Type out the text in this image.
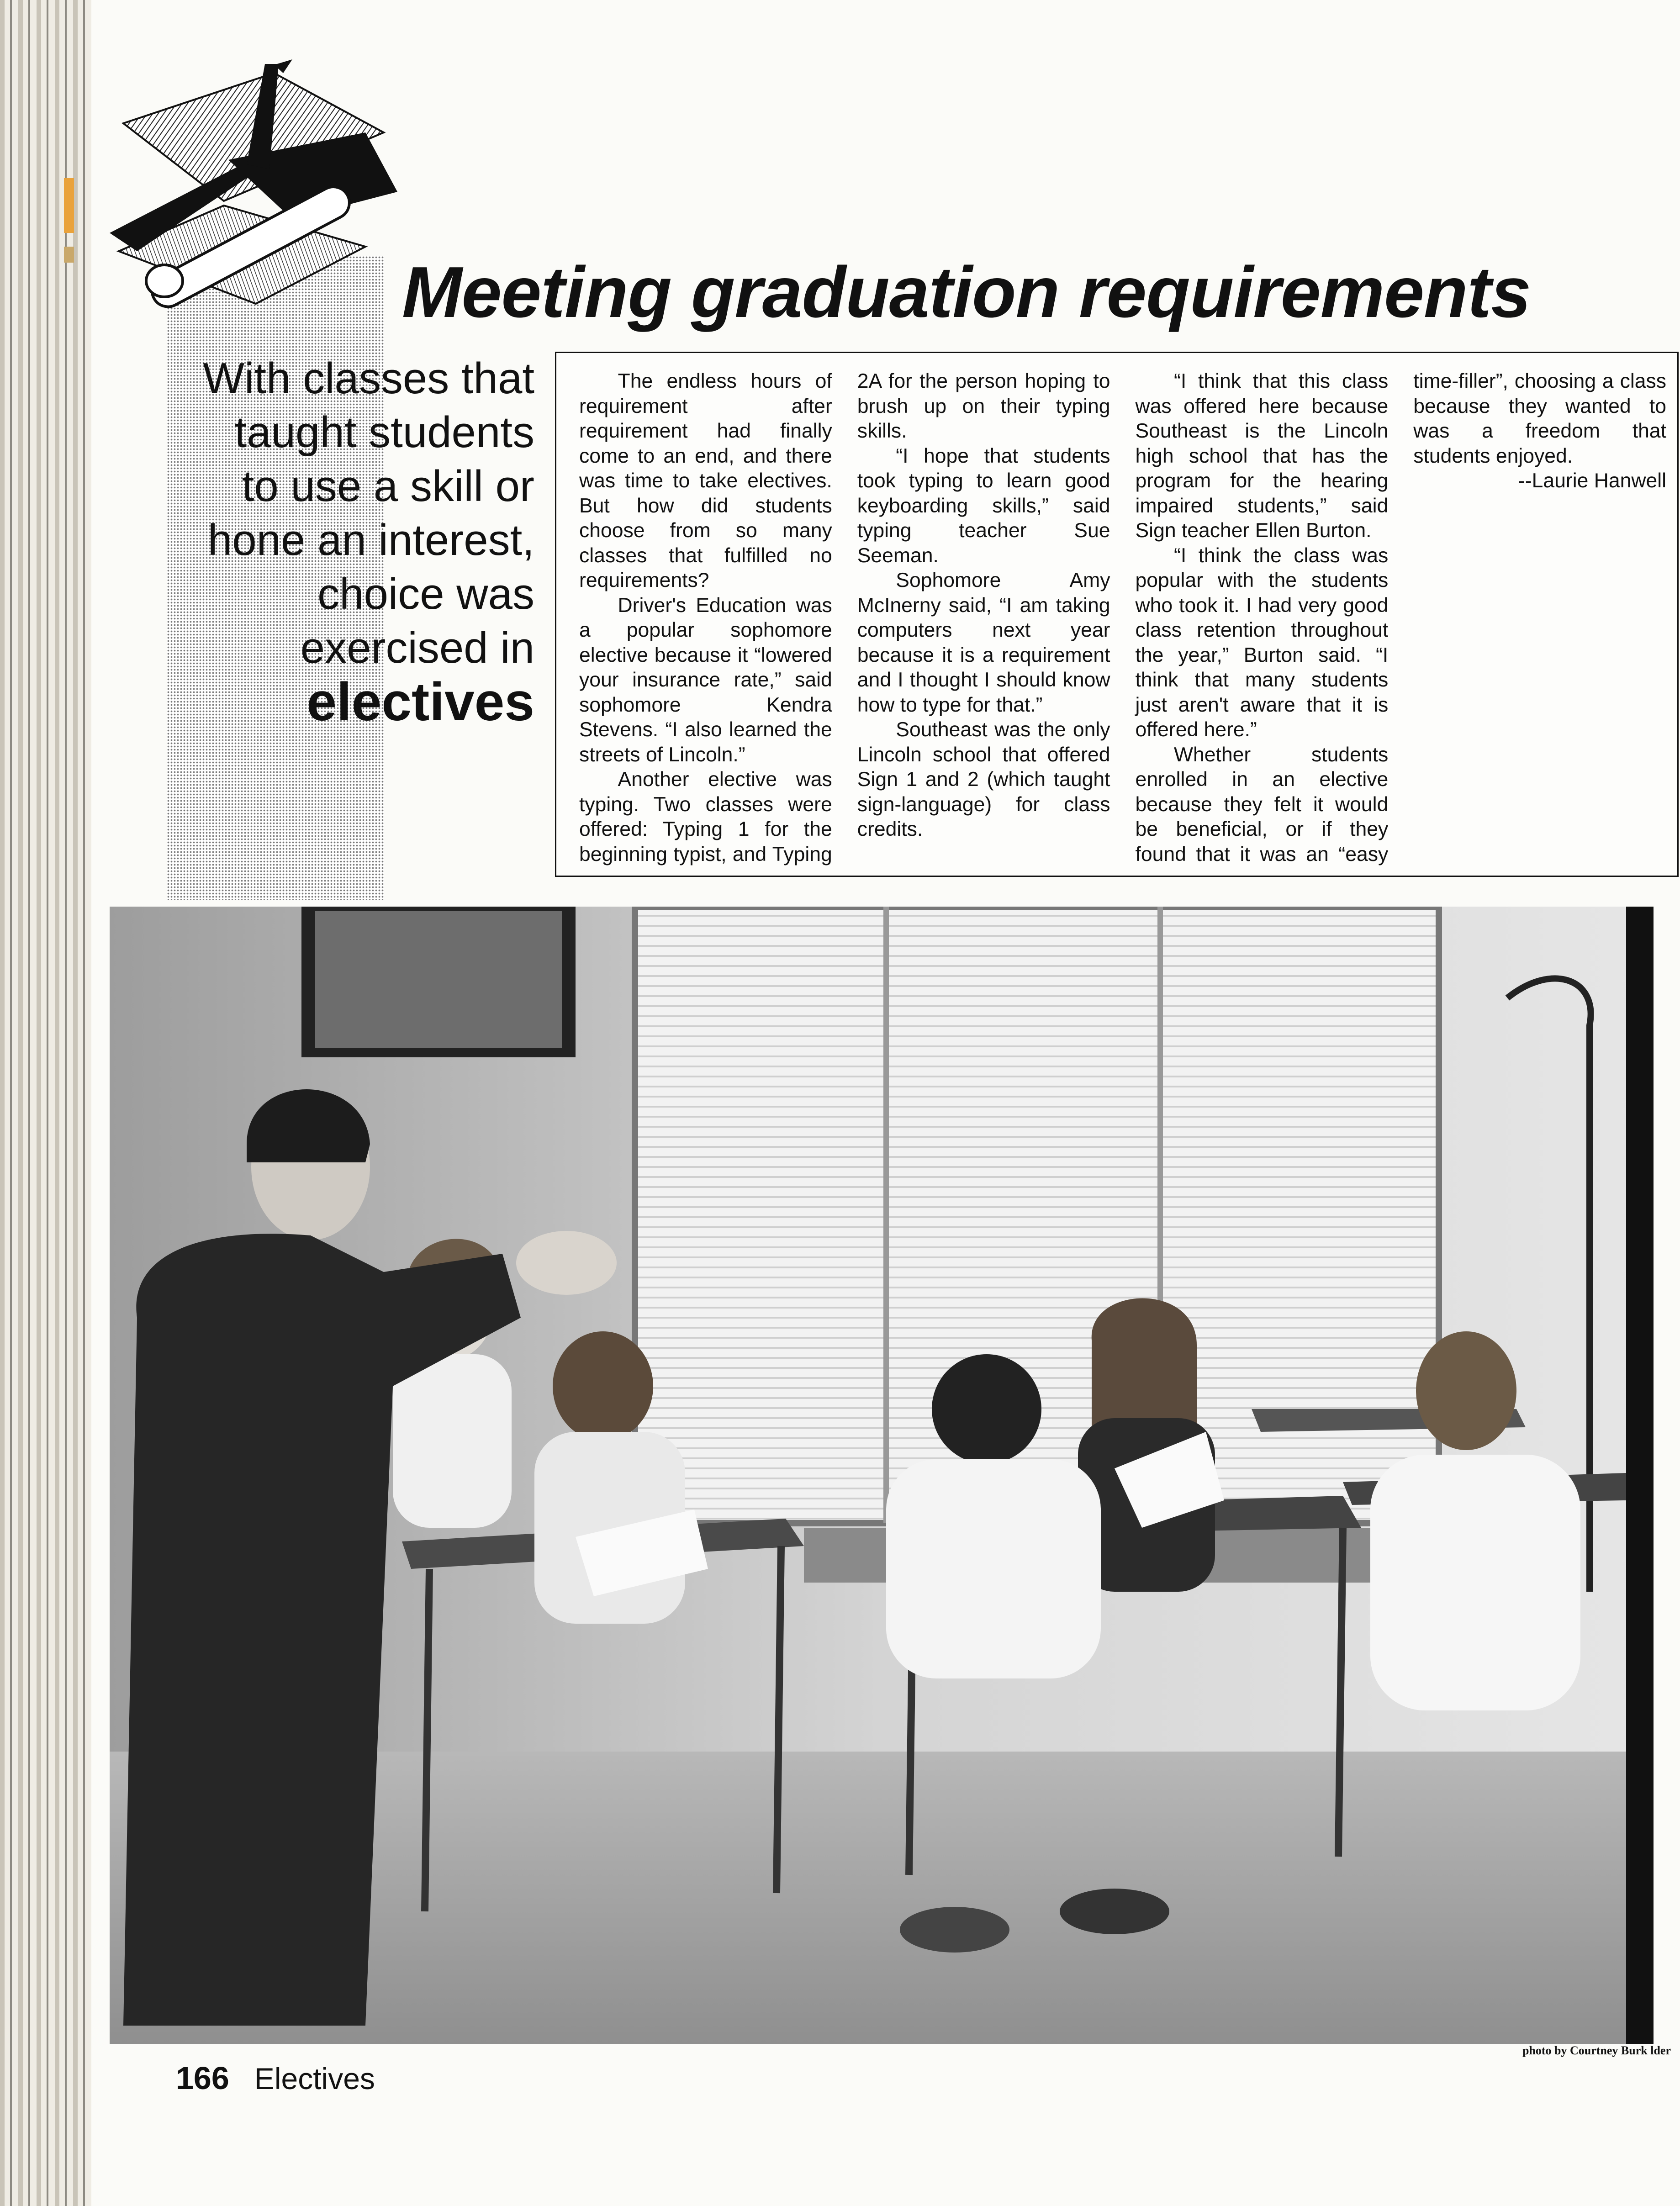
Meeting graduation requirements
With classes that
taught students
to use a skill or
hone an interest,
choice was
exercised in
electives

The endless hours of requirement after requirement had finally come to an end, and there was time to take electives. But how did students choose from so many classes that fulfilled no requirements?

Driver's Education was a popular sophomore elective because it “lowered your insurance rate,” said sophomore Kendra Stevens. “I also learned the streets of Lincoln.”

Another elective was typing. Two classes were offered: Typing 1 for the beginning typist, and Typing 2A for the person hoping to brush up on their typing skills.

“I hope that students took typing to learn good keyboarding skills,” said typing teacher Sue Seeman.

Sophomore Amy McInerny said, “I am taking computers next year because it is a requirement and I thought I should know how to type for that.”

Southeast was the only Lincoln school that offered Sign 1 and 2 (which taught sign-language) for class credits.

“I think that this class was offered here because Southeast is the Lincoln high school that has the program for the hearing impaired students,” said Sign teacher Ellen Burton.

“I think the class was popular with the students who took it. I had very good class retention throughout the year,” Burton said. “I think that many students just aren't aware that it is offered here.”

Whether students enrolled in an elective because they felt it would be beneficial, or if they found that it was an “easy time-filler”, choosing a class because they wanted to was a freedom that students enjoyed.

--Laurie Hanwell

photo by Courtney Burk lder
166 Electives
